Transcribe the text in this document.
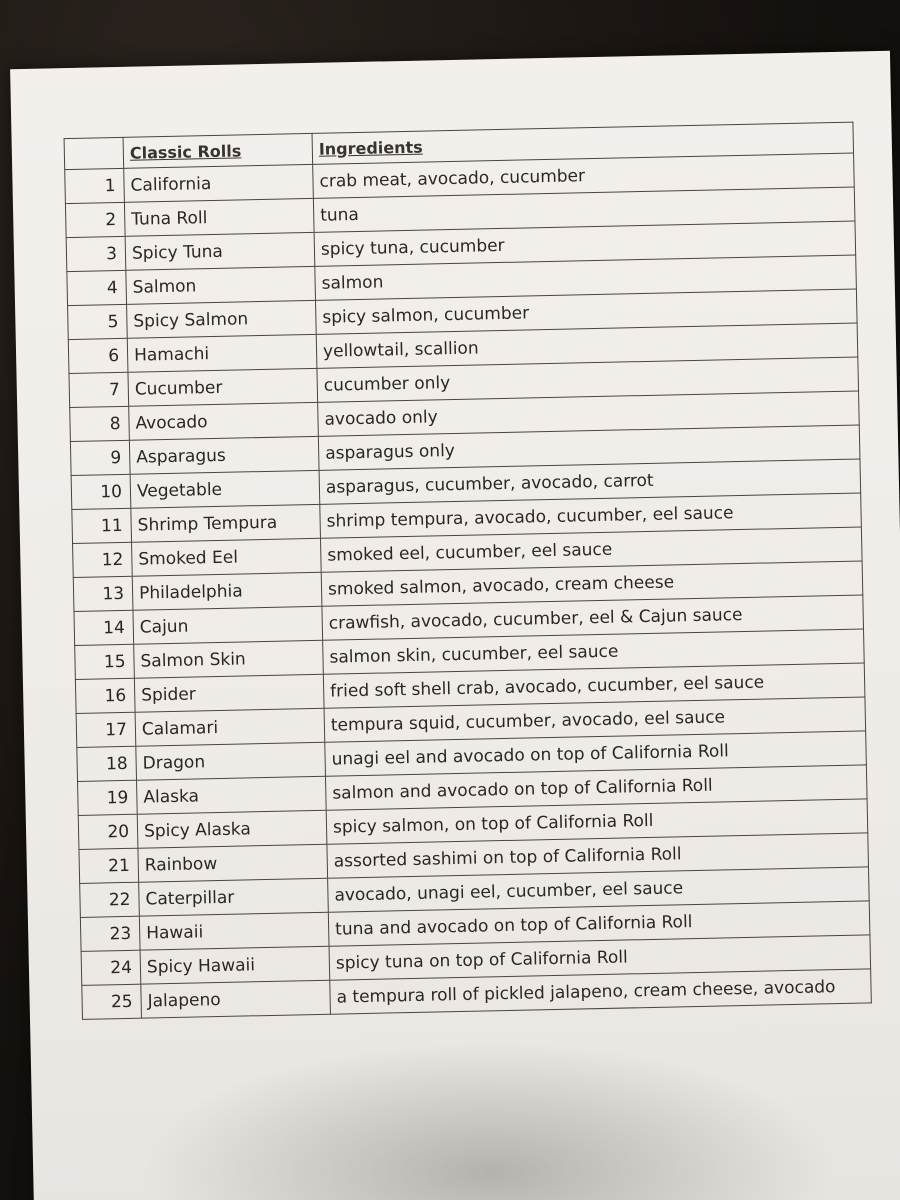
	Classic Rolls	Ingredients
1	California	crab meat, avocado, cucumber
2	Tuna Roll	tuna
3	Spicy Tuna	spicy tuna, cucumber
4	Salmon	salmon
5	Spicy Salmon	spicy salmon, cucumber
6	Hamachi	yellowtail, scallion
7	Cucumber	cucumber only
8	Avocado	avocado only
9	Asparagus	asparagus only
10	Vegetable	asparagus, cucumber, avocado, carrot
11	Shrimp Tempura	shrimp tempura, avocado, cucumber, eel sauce
12	Smoked Eel	smoked eel, cucumber, eel sauce
13	Philadelphia	smoked salmon, avocado, cream cheese
14	Cajun	crawfish, avocado, cucumber, eel & Cajun sauce
15	Salmon Skin	salmon skin, cucumber, eel sauce
16	Spider	fried soft shell crab, avocado, cucumber, eel sauce
17	Calamari	tempura squid, cucumber, avocado, eel sauce
18	Dragon	unagi eel and avocado on top of California Roll
19	Alaska	salmon and avocado on top of California Roll
20	Spicy Alaska	spicy salmon, on top of California Roll
21	Rainbow	assorted sashimi on top of California Roll
22	Caterpillar	avocado, unagi eel, cucumber, eel sauce
23	Hawaii	tuna and avocado on top of California Roll
24	Spicy Hawaii	spicy tuna on top of California Roll
25	Jalapeno	a tempura roll of pickled jalapeno, cream cheese, avocado
